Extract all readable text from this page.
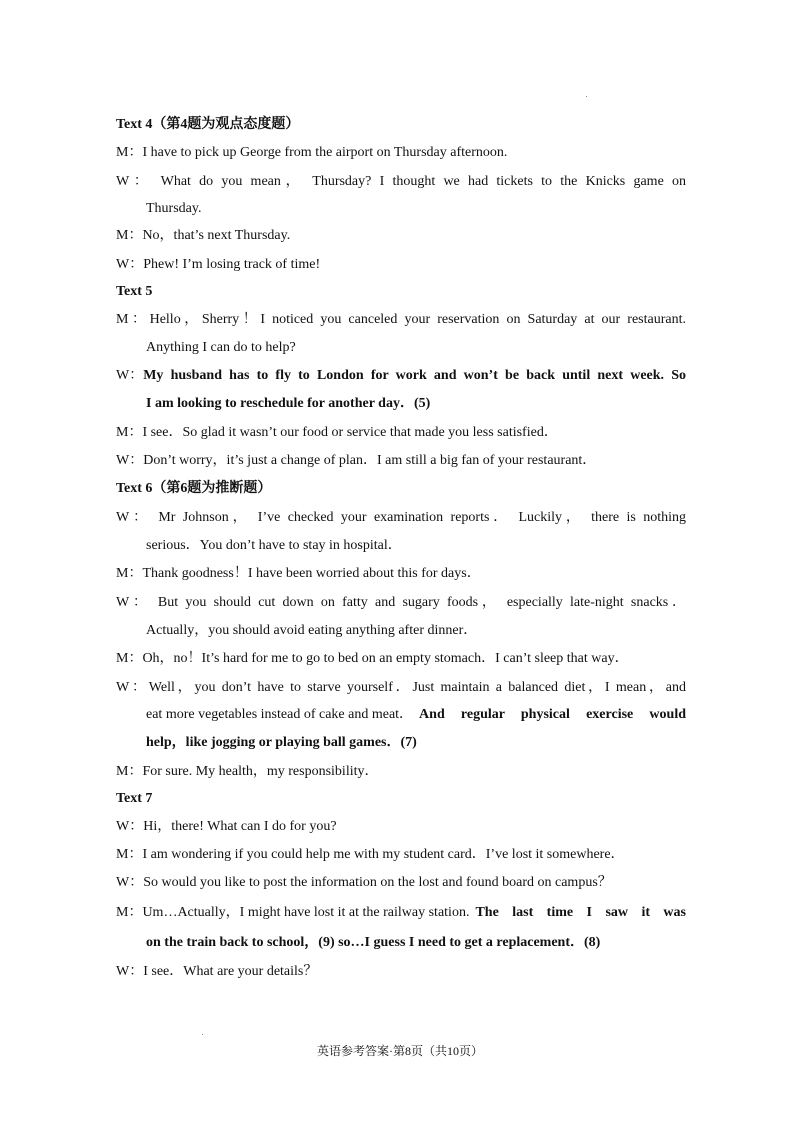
Text 4（第4题为观点态度题）
M：I have to pick up George from the airport on Thursday afternoon.
W： What do you mean， Thursday? I thought we had tickets to the Knicks game on
Thursday.
M：No，that’s next Thursday.
W：Phew! I’m losing track of time!
Text 5
M：Hello，Sherry！I noticed you canceled your reservation on Saturday at our restaurant.
Anything I can do to help?
W： My husband has to fly to London for work and won’t be back until next week. So
I am looking to reschedule for another day．(5)
M：I see．So glad it wasn’t our food or service that made you less satisfied．
W：Don’t worry，it’s just a change of plan．I am still a big fan of your restaurant．
Text 6（第6题为推断题）
W： Mr Johnson， I’ve checked your examination reports． Luckily， there is nothing
serious．You don’t have to stay in hospital．
M：Thank goodness！I have been worried about this for days．
W： But you should cut down on fatty and sugary foods， especially late-night snacks．
Actually，you should avoid eating anything after dinner．
M：Oh，no！It’s hard for me to go to bed on an empty stomach．I can’t sleep that way．
W：Well，you don’t have to starve yourself．Just maintain a balanced diet，I mean，and
eat more vegetables instead of cake and meat． And regular physical exercise would
help，like jogging or playing ball games．(7)
M：For sure. My health，my responsibility．
Text 7
W：Hi，there! What can I do for you?
M：I am wondering if you could help me with my student card．I’ve lost it somewhere．
W：So would you like to post the information on the lost and found board on campus？
M：Um…Actually，I might have lost it at the railway station. The last time I saw it was
on the train back to school，(9) so…I guess I need to get a replacement．(8)
W：I see．What are your details？
英语参考答案·第8页（共10页）
